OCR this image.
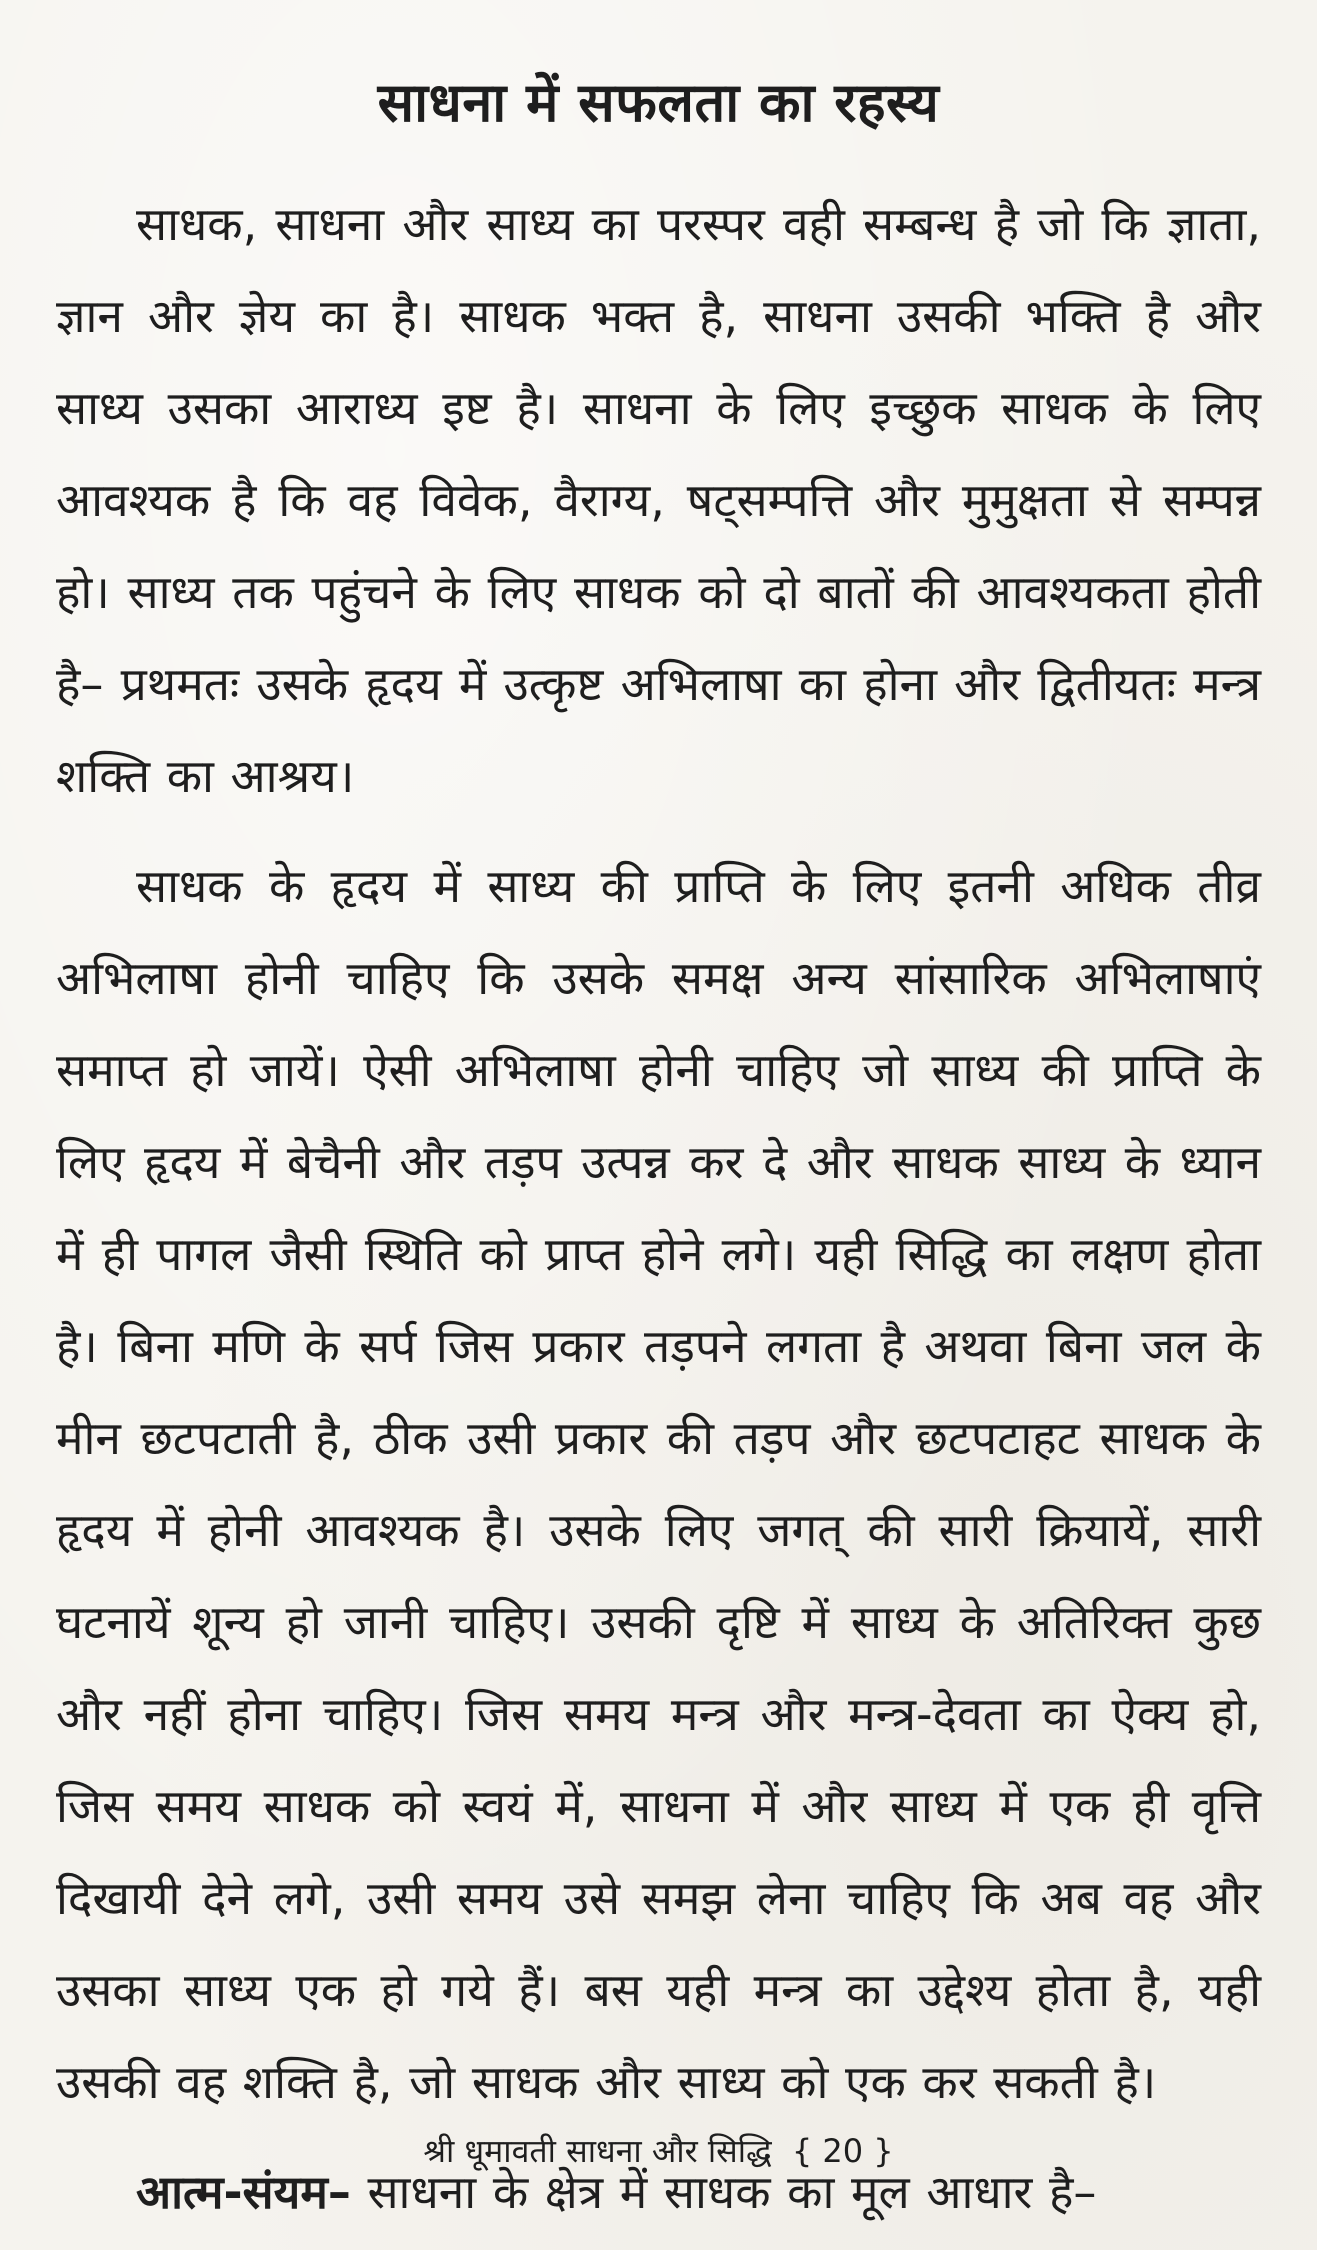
साधना में सफलता का रहस्य

साधक, साधना और साध्य का परस्पर वही सम्बन्ध है जो कि ज्ञाता, ज्ञान और ज्ञेय का है। साधक भक्त है, साधना उसकी भक्ति है और साध्य उसका आराध्य इष्ट है। साधना के लिए इच्छुक साधक के लिए आवश्यक है कि वह विवेक, वैराग्य, षट्सम्पत्ति और मुमुक्षता से सम्पन्न हो। साध्य तक पहुंचने के लिए साधक को दो बातों की आवश्यकता होती है– प्रथमतः उसके हृदय में उत्कृष्ट अभिलाषा का होना और द्वितीयतः मन्त्र शक्ति का आश्रय।

साधक के हृदय में साध्य की प्राप्ति के लिए इतनी अधिक तीव्र अभिलाषा होनी चाहिए कि उसके समक्ष अन्य सांसारिक अभिलाषाएं समाप्त हो जायें। ऐसी अभिलाषा होनी चाहिए जो साध्य की प्राप्ति के लिए हृदय में बेचैनी और तड़प उत्पन्न कर दे और साधक साध्य के ध्यान में ही पागल जैसी स्थिति को प्राप्त होने लगे। यही सिद्धि का लक्षण होता है। बिना मणि के सर्प जिस प्रकार तड़पने लगता है अथवा बिना जल के मीन छटपटाती है, ठीक उसी प्रकार की तड़प और छटपटाहट साधक के हृदय में होनी आवश्यक है। उसके लिए जगत् की सारी क्रियायें, सारी घटनायें शून्य हो जानी चाहिए। उसकी दृष्टि में साध्य के अतिरिक्त कुछ और नहीं होना चाहिए। जिस समय मन्त्र और मन्त्र-देवता का ऐक्य हो, जिस समय साधक को स्वयं में, साधना में और साध्य में एक ही वृत्ति दिखायी देने लगे, उसी समय उसे समझ लेना चाहिए कि अब वह और उसका साध्य एक हो गये हैं। बस यही मन्त्र का उद्देश्य होता है, यही उसकी वह शक्ति है, जो साधक और साध्य को एक कर सकती है।

आत्म-संयम– साधना के क्षेत्र में साधक का मूल आधार है–

श्री धूमावती साधना और सिद्धि { 20 }
